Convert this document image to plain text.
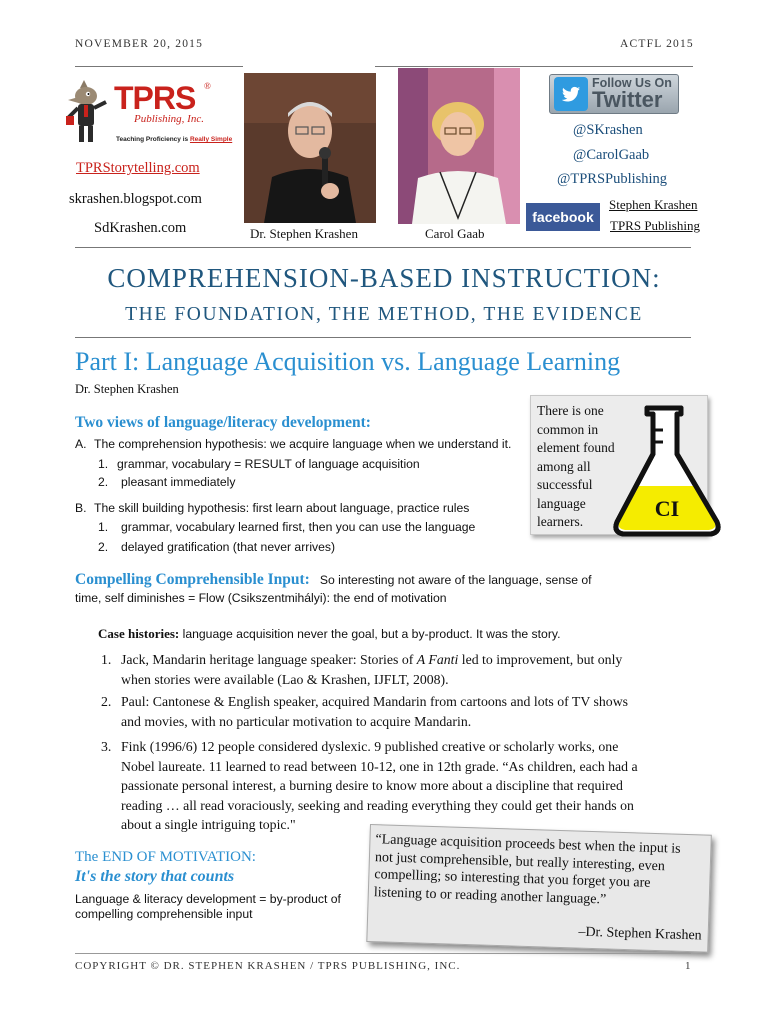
NOVEMBER 20, 2015	ACTFL 2015
TPRS ®
Publishing, Inc.
Teaching Proficiency is Really Simple
TPRStorytelling.com
skrashen.blogspot.com
SdKrashen.com	Dr. Stephen Krashen	Carol Gaab
Follow Us On
Twitter
@SKrashen
@CarolGaab
@TPRSPublishing
facebook
Stephen Krashen
TPRS Publishing
COMPREHENSION-BASED INSTRUCTION:
THE FOUNDATION, THE METHOD, THE EVIDENCE
Part I: Language Acquisition vs. Language Learning
Dr. Stephen Krashen
Two views of language/literacy development:
A. The comprehension hypothesis: we acquire language when we understand it.
1. grammar, vocabulary = RESULT of language acquisition
2. pleasant immediately
B. The skill building hypothesis: first learn about language, practice rules
1. grammar, vocabulary learned first, then you can use the language
2. delayed gratification (that never arrives)
There is one
common in
element found
among all
successful
language
learners.
CI
Compelling Comprehensible Input: So interesting not aware of the language, sense of
time, self diminishes = Flow (Csikszentmihályi): the end of motivation
Case histories: language acquisition never the goal, but a by-product. It was the story.
1. Jack, Mandarin heritage language speaker: Stories of A Fanti led to improvement, but only
when stories were available (Lao & Krashen, IJFLT, 2008).
2. Paul: Cantonese & English speaker, acquired Mandarin from cartoons and lots of TV shows
and movies, with no particular motivation to acquire Mandarin.
3. Fink (1996/6) 12 people considered dyslexic. 9 published creative or scholarly works, one
Nobel laureate. 11 learned to read between 10-12, one in 12th grade. “As children, each had a
passionate personal interest, a burning desire to know more about a discipline that required
reading … all read voraciously, seeking and reading everything they could get their hands on
about a single intriguing topic."
The END OF MOTIVATION:
It's the story that counts
Language & literacy development = by-product of
compelling comprehensible input
“Language acquisition proceeds best when the input is
not just comprehensible, but really interesting, even
compelling; so interesting that you forget you are
listening to or reading another language.”
–Dr. Stephen Krashen
COPYRIGHT © DR. STEPHEN KRASHEN / TPRS PUBLISHING, INC.	1
